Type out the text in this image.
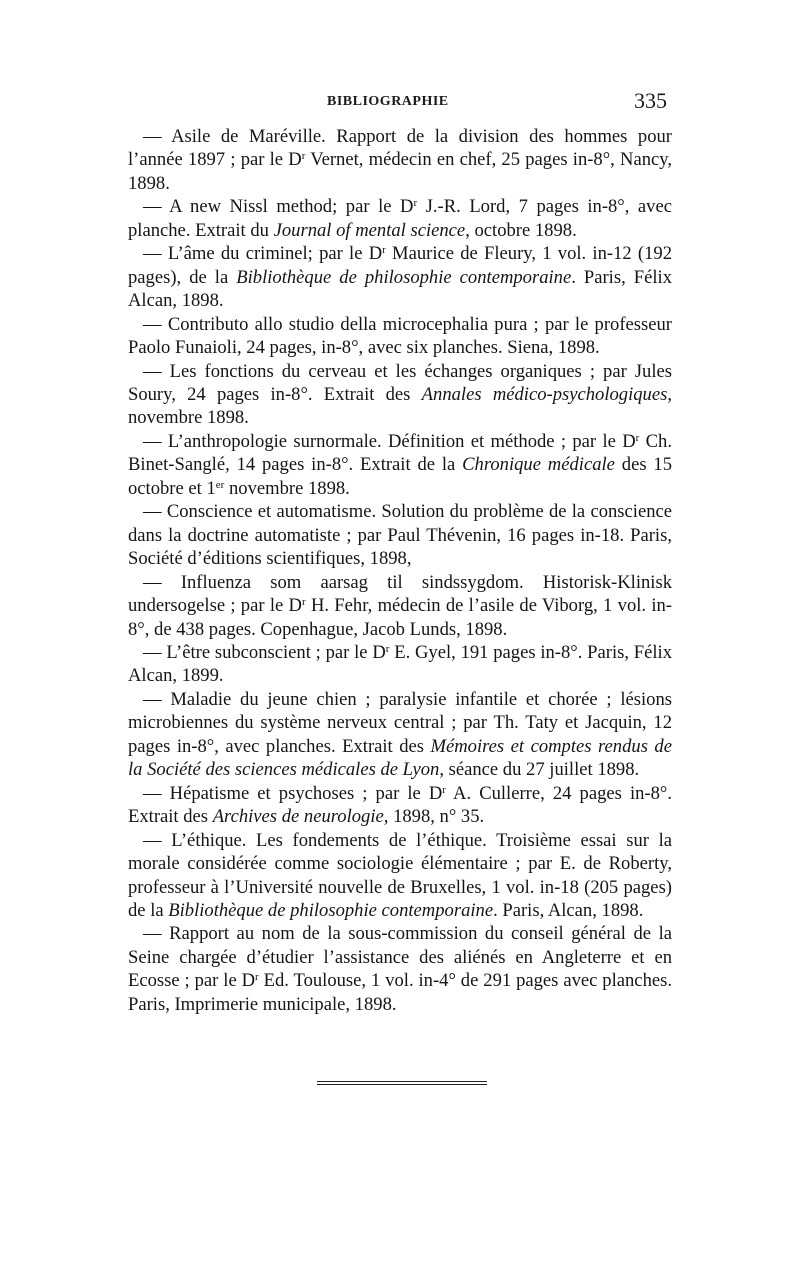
BIBLIOGRAPHIE	335

— Asile de Maréville. Rapport de la division des hommes pour l’année 1897 ; par le $D^r$ Vernet, médecin en chef, 25 pages in-8°, Nancy, 1898.

— A new Nissl method; par le $D^r$ J.-R. Lord, 7 pages in-8°, avec planche. Extrait du Journal of mental science, octobre 1898.

— L’âme du criminel; par le $D^r$ Maurice de Fleury, 1 vol. in-12 (192 pages), de la Bibliothèque de philosophie contemporaine. Paris, Félix Alcan, 1898.

— Contributo allo studio della microcephalia pura ; par le professeur Paolo Funaioli, 24 pages, in-8°, avec six planches. Siena, 1898.

— Les fonctions du cerveau et les échanges organiques ; par Jules Soury, 24 pages in-8°. Extrait des Annales médico-psychologiques, novembre 1898.

— L’anthropologie surnormale. Définition et méthode ; par le $D^r$ Ch. Binet-Sanglé, 14 pages in-8°. Extrait de la Chronique médicale des 15 octobre et 1er novembre 1898.

— Conscience et automatisme. Solution du problème de la conscience dans la doctrine automatiste ; par Paul Thévenin, 16 pages in-18. Paris, Société d’éditions scientifiques, 1898,

— Influenza som aarsag til sindssygdom. Historisk-Klinisk undersogelse ; par le $D^r$ H. Fehr, médecin de l’asile de Viborg, 1 vol. in-8°, de 438 pages. Copenhague, Jacob Lunds, 1898.

— L’être subconscient ; par le $D^r$ E. Gyel, 191 pages in-8°. Paris, Félix Alcan, 1899.

— Maladie du jeune chien ; paralysie infantile et chorée ; lésions microbiennes du système nerveux central ; par Th. Taty et Jacquin, 12 pages in-8°, avec planches. Extrait des Mémoires et comptes rendus de la Société des sciences médicales de Lyon, séance du 27 juillet 1898.

— Hépatisme et psychoses ; par le $D^r$ A. Cullerre, 24 pages in-8°. Extrait des Archives de neurologie, 1898, n° 35.

— L’éthique. Les fondements de l’éthique. Troisième essai sur la morale considérée comme sociologie élémentaire ; par E. de Roberty, professeur à l’Université nouvelle de Bruxelles, 1 vol. in-18 (205 pages) de la Bibliothèque de philosophie contemporaine. Paris, Alcan, 1898.

— Rapport au nom de la sous-commission du conseil général de la Seine chargée d’étudier l’assistance des aliénés en Angleterre et en Ecosse ; par le $D^r$ Ed. Toulouse, 1 vol. in-4° de 291 pages avec planches. Paris, Imprimerie municipale, 1898.
